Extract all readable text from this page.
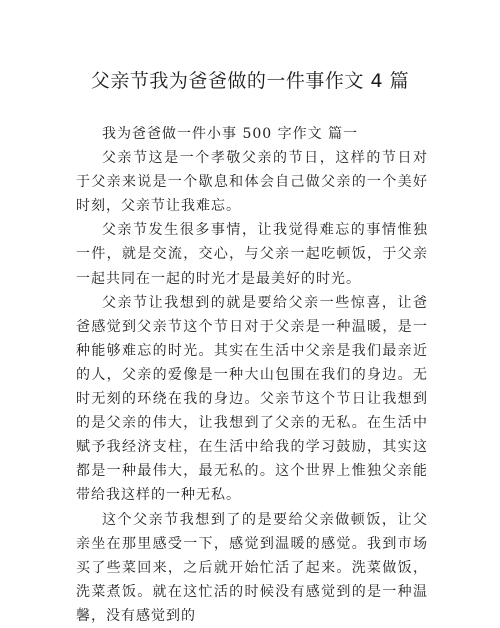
父亲节我为爸爸做的一件事作文 4 篇

我为爸爸做一件小事 500 字作文 篇一

父亲节这是一个孝敬父亲的节日，这样的节日对于父亲来说是一个歇息和体会自己做父亲的一个美好时刻，父亲节让我难忘。

父亲节发生很多事情，让我觉得难忘的事情惟独一件，就是交流，交心，与父亲一起吃顿饭，于父亲一起共同在一起的时光才是最美好的时光。

父亲节让我想到的就是要给父亲一些惊喜，让爸爸感觉到父亲节这个节日对于父亲是一种温暖，是一种能够难忘的时光。其实在生活中父亲是我们最亲近的人，父亲的爱像是一种大山包围在我们的身边。无时无刻的环绕在我的身边。父亲节这个节日让我想到的是父亲的伟大，让我想到了父亲的无私。在生活中赋予我经济支柱，在生活中给我的学习鼓励，其实这都是一种最伟大，最无私的。这个世界上惟独父亲能带给我这样的一种无私。

这个父亲节我想到了的是要给父亲做顿饭，让父亲坐在那里感受一下，感觉到温暖的感觉。我到市场买了些菜回来，之后就开始忙活了起来。洗菜做饭，洗菜煮饭。就在这忙活的时候没有感觉到的是一种温馨，没有感觉到的
